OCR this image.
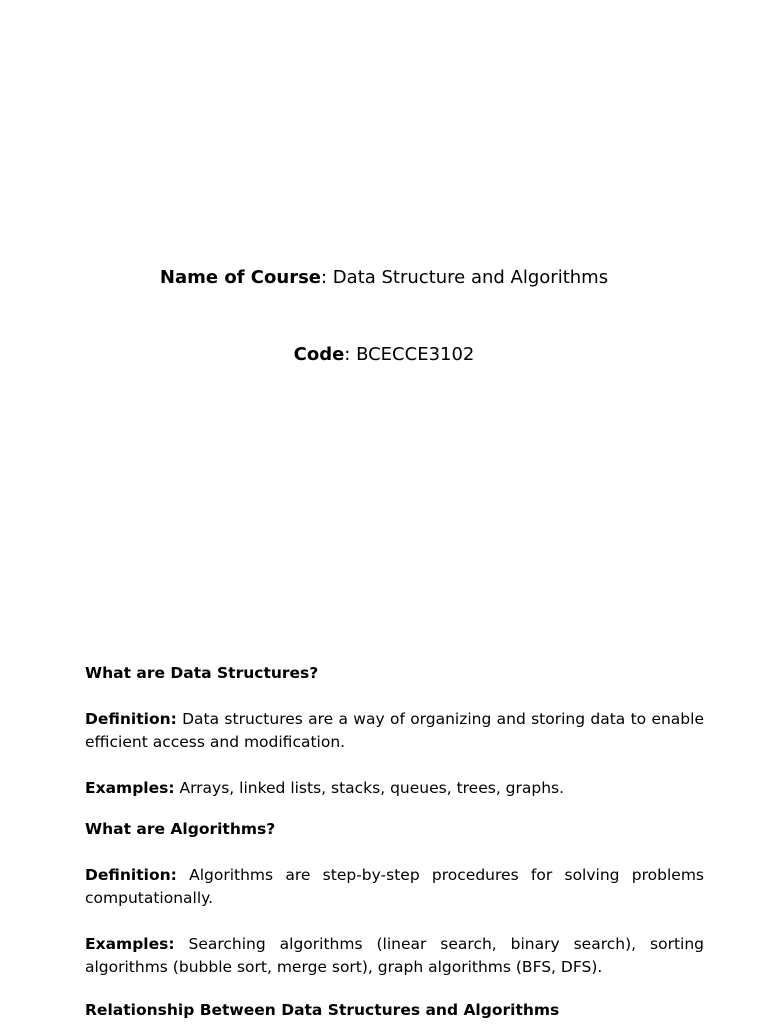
Name of Course: Data Structure and Algorithms
Code: BCECCE3102
What are Data Structures?
Definition: Data structures are a way of organizing and storing data to enable efficient access and modification.
Examples: Arrays, linked lists, stacks, queues, trees, graphs.
What are Algorithms?
Definition: Algorithms are step-by-step procedures for solving problems computationally.
Examples: Searching algorithms (linear search, binary search), sorting algorithms (bubble sort, merge sort), graph algorithms (BFS, DFS).
Relationship Between Data Structures and Algorithms
